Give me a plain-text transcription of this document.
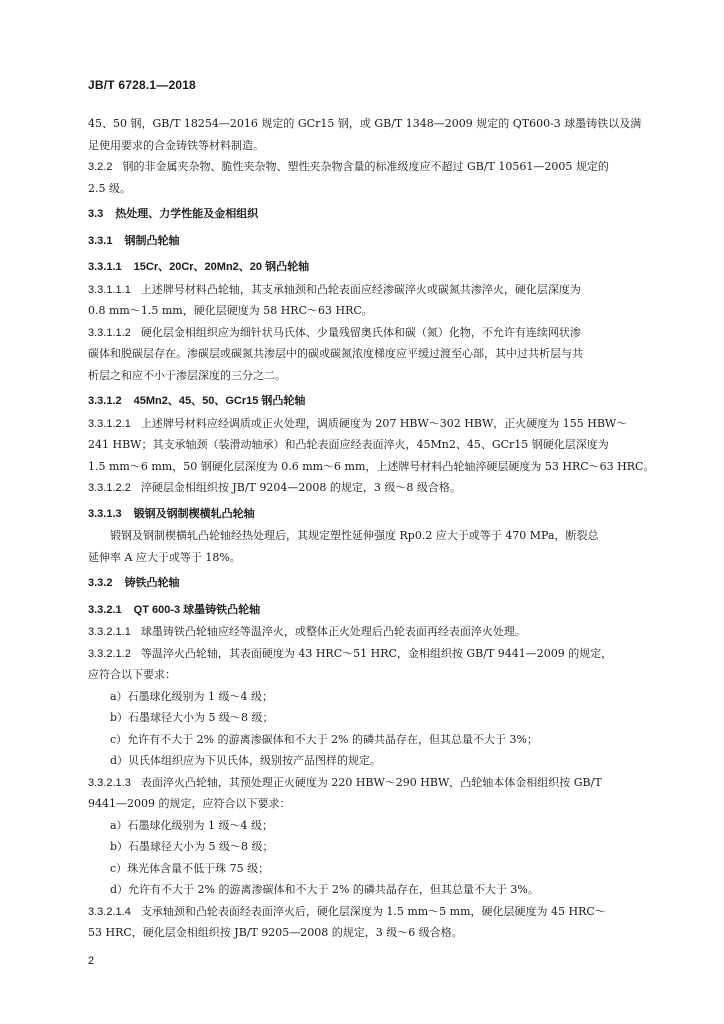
JB/T 6728.1—2018
45、50 钢，GB/T 18254—2016 规定的 GCr15 钢，或 GB/T 1348—2009 规定的 QT600-3 球墨铸铁以及满
足使用要求的合金铸铁等材料制造。
3.2.2 钢的非金属夹杂物、脆性夹杂物、塑性夹杂物含量的标准级度应不超过 GB/T 10561—2005 规定的
2.5 级。
3.3 热处理、力学性能及金相组织
3.3.1 钢制凸轮轴
3.3.1.1 15Cr、20Cr、20Mn2、20 钢凸轮轴
3.3.1.1.1 上述牌号材料凸轮轴，其支承轴颈和凸轮表面应经渗碳淬火或碳氮共渗淬火，硬化层深度为
0.8 mm～1.5 mm，硬化层硬度为 58 HRC～63 HRC。
3.3.1.1.2 硬化层金相组织应为细针状马氏体、少量残留奥氏体和碳（氮）化物，不允许有连续网状渗
碳体和脱碳层存在。渗碳层或碳氮共渗层中的碳或碳氮浓度梯度应平缓过渡至心部，其中过共析层与共
析层之和应不小于渗层深度的三分之二。
3.3.1.2 45Mn2、45、50、GCr15 钢凸轮轴
3.3.1.2.1 上述牌号材料应经调质或正火处理，调质硬度为 207 HBW～302 HBW，正火硬度为 155 HBW～
241 HBW；其支承轴颈（装滑动轴承）和凸轮表面应经表面淬火，45Mn2、45、GCr15 钢硬化层深度为
1.5 mm～6 mm，50 钢硬化层深度为 0.6 mm～6 mm，上述牌号材料凸轮轴淬硬层硬度为 53 HRC～63 HRC。
3.3.1.2.2 淬硬层金相组织按 JB/T 9204—2008 的规定，3 级～8 级合格。
3.3.1.3 锻钢及钢制楔横轧凸轮轴
锻钢及钢制楔横轧凸轮轴经热处理后，其规定塑性延伸强度 Rp0.2 应大于或等于 470 MPa，断裂总
延伸率 A 应大于或等于 18%。
3.3.2 铸铁凸轮轴
3.3.2.1 QT 600-3 球墨铸铁凸轮轴
3.3.2.1.1 球墨铸铁凸轮轴应经等温淬火，或整体正火处理后凸轮表面再经表面淬火处理。
3.3.2.1.2 等温淬火凸轮轴，其表面硬度为 43 HRC～51 HRC，金相组织按 GB/T 9441—2009 的规定，
应符合以下要求：
a）石墨球化级别为 1 级～4 级；
b）石墨球径大小为 5 级～8 级；
c）允许有不大于 2% 的游离渗碳体和不大于 2% 的磷共晶存在，但其总量不大于 3%；
d）贝氏体组织应为下贝氏体，级别按产品图样的规定。
3.3.2.1.3 表面淬火凸轮轴，其预处理正火硬度为 220 HBW～290 HBW，凸轮轴本体金相组织按 GB/T
9441—2009 的规定，应符合以下要求：
a）石墨球化级别为 1 级～4 级；
b）石墨球径大小为 5 级～8 级；
c）珠光体含量不低于珠 75 级；
d）允许有不大于 2% 的游离渗碳体和不大于 2% 的磷共晶存在，但其总量不大于 3%。
3.3.2.1.4 支承轴颈和凸轮表面经表面淬火后，硬化层深度为 1.5 mm～5 mm，硬化层硬度为 45 HRC～
53 HRC，硬化层金相组织按 JB/T 9205—2008 的规定，3 级～6 级合格。
2
